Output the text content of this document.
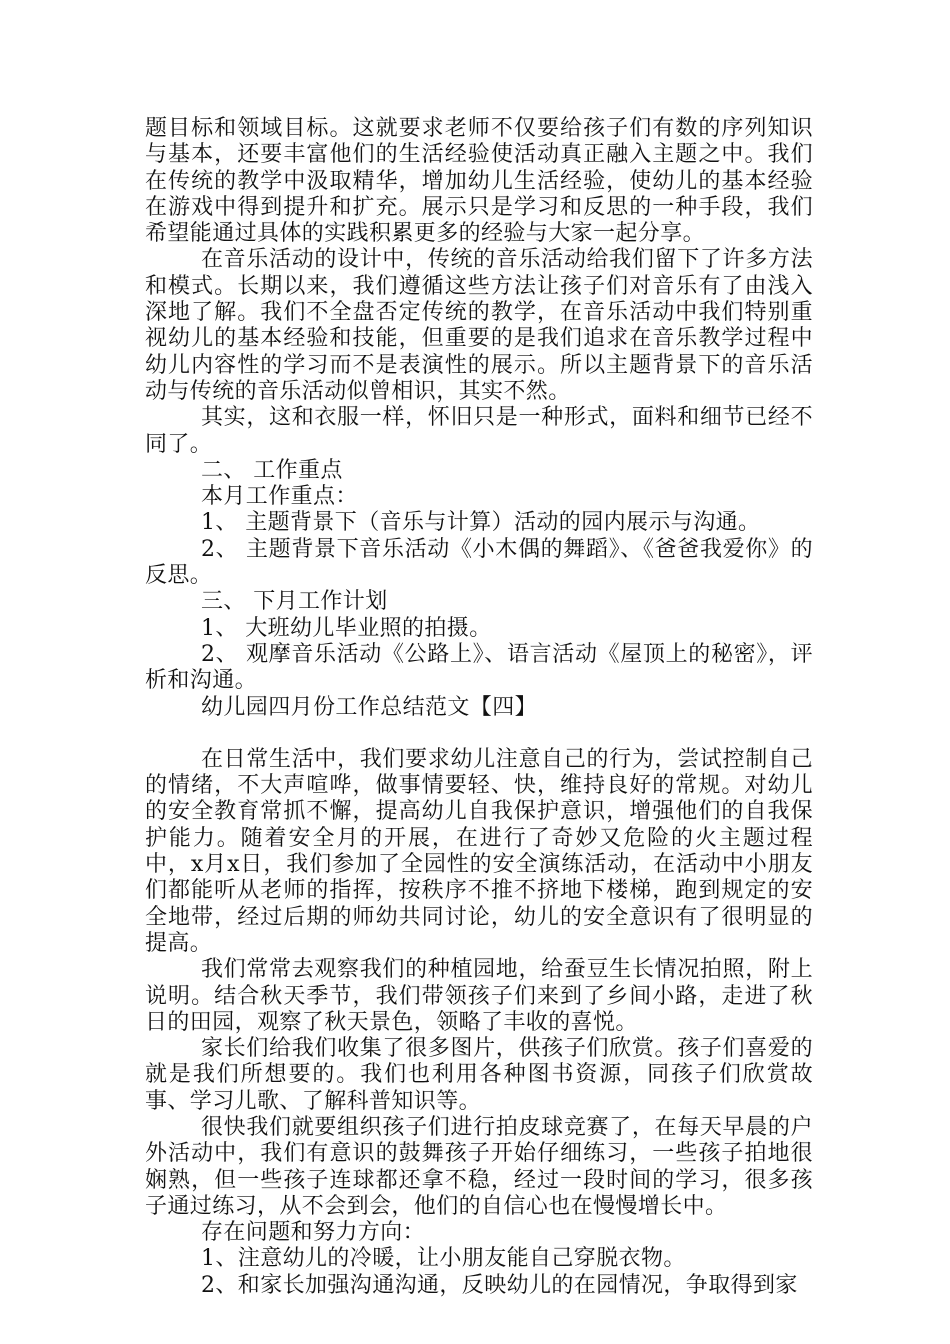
题目标和领域目标。这就要求老师不仅要给孩子们有数的序列知识与基本，还要丰富他们的生活经验使活动真正融入主题之中。我们在传统的教学中汲取精华，增加幼儿生活经验，使幼儿的基本经验在游戏中得到提升和扩充。展示只是学习和反思的一种手段，我们希望能通过具体的实践积累更多的经验与大家一起分享。

在音乐活动的设计中，传统的音乐活动给我们留下了许多方法和模式。长期以来，我们遵循这些方法让孩子们对音乐有了由浅入深地了解。我们不全盘否定传统的教学，在音乐活动中我们特别重视幼儿的基本经验和技能，但重要的是我们追求在音乐教学过程中幼儿内容性的学习而不是表演性的展示。所以主题背景下的音乐活动与传统的音乐活动似曾相识，其实不然。

其实，这和衣服一样，怀旧只是一种形式，面料和细节已经不同了。

二、 工作重点

本月工作重点：

1、 主题背景下（音乐与计算）活动的园内展示与沟通。

2、 主题背景下音乐活动《小木偶的舞蹈》、《爸爸我爱你》的反思。

三、 下月工作计划

1、 大班幼儿毕业照的拍摄。

2、 观摩音乐活动《公路上》、语言活动《屋顶上的秘密》，评析和沟通。

幼儿园四月份工作总结范文【四】

在日常生活中，我们要求幼儿注意自己的行为，尝试控制自己的情绪，不大声喧哗，做事情要轻、快，维持良好的常规。对幼儿的安全教育常抓不懈，提高幼儿自我保护意识，增强他们的自我保护能力。随着安全月的开展，在进行了奇妙又危险的火主题过程中，x月x日，我们参加了全园性的安全演练活动，在活动中小朋友们都能听从老师的指挥，按秩序不推不挤地下楼梯，跑到规定的安全地带，经过后期的师幼共同讨论，幼儿的安全意识有了很明显的提高。

我们常常去观察我们的种植园地，给蚕豆生长情况拍照，附上说明。结合秋天季节，我们带领孩子们来到了乡间小路，走进了秋日的田园，观察了秋天景色，领略了丰收的喜悦。

家长们给我们收集了很多图片，供孩子们欣赏。孩子们喜爱的就是我们所想要的。我们也利用各种图书资源，同孩子们欣赏故事、学习儿歌、了解科普知识等。

很快我们就要组织孩子们进行拍皮球竞赛了，在每天早晨的户外活动中，我们有意识的鼓舞孩子开始仔细练习，一些孩子拍地很娴熟，但一些孩子连球都还拿不稳，经过一段时间的学习，很多孩子通过练习，从不会到会，他们的自信心也在慢慢增长中。

存在问题和努力方向：

1、注意幼儿的冷暖，让小朋友能自己穿脱衣物。

2、和家长加强沟通沟通，反映幼儿的在园情况，争取得到家
